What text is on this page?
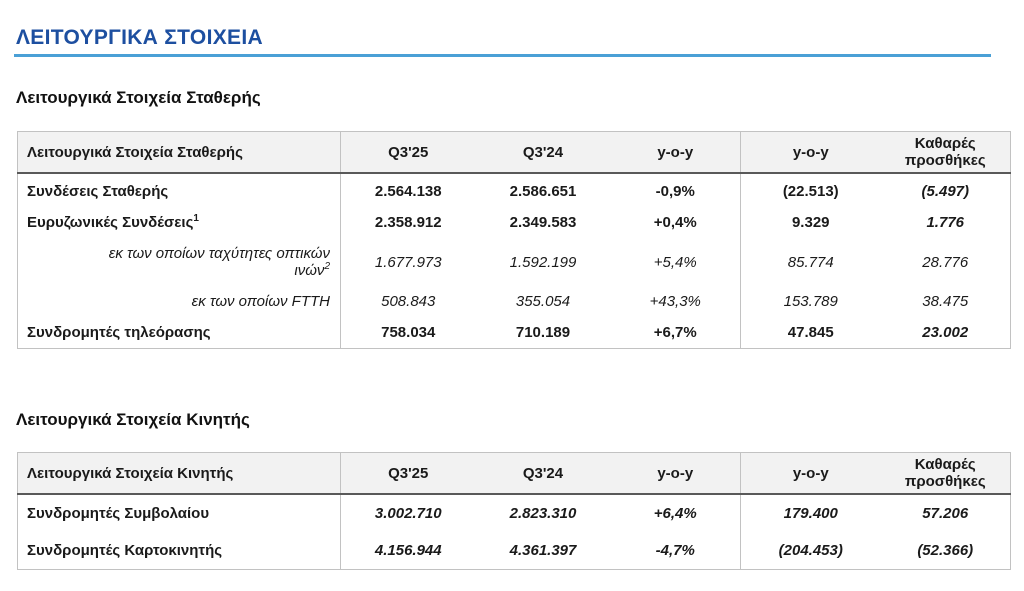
ΛΕΙΤΟΥΡΓΙΚΑ ΣΤΟΙΧΕΙΑ
Λειτουργικά Στοιχεία Σταθερής
Λειτουργικά Στοιχεία Σταθερής	Q3'25	Q3'24	y-o-y	y-o-y	Καθαρές προσθήκες
Συνδέσεις Σταθερής	2.564.138	2.586.651	-0,9%	(22.513)	(5.497)
Ευρυζωνικές Συνδέσεις$^1$	2.358.912	2.349.583	+0,4%	9.329	1.776
εκ των οποίων ταχύτητες οπτικών ινών$^2$	1.677.973	1.592.199	+5,4%	85.774	28.776
εκ των οποίων FTTH	508.843	355.054	+43,3%	153.789	38.475
Συνδρομητές τηλεόρασης	758.034	710.189	+6,7%	47.845	23.002
Λειτουργικά Στοιχεία Κινητής
Λειτουργικά Στοιχεία Κινητής	Q3'25	Q3'24	y-o-y	y-o-y	Καθαρές προσθήκες
Συνδρομητές Συμβολαίου	3.002.710	2.823.310	+6,4%	179.400	57.206
Συνδρομητές Καρτοκινητής	4.156.944	4.361.397	-4,7%	(204.453)	(52.366)
